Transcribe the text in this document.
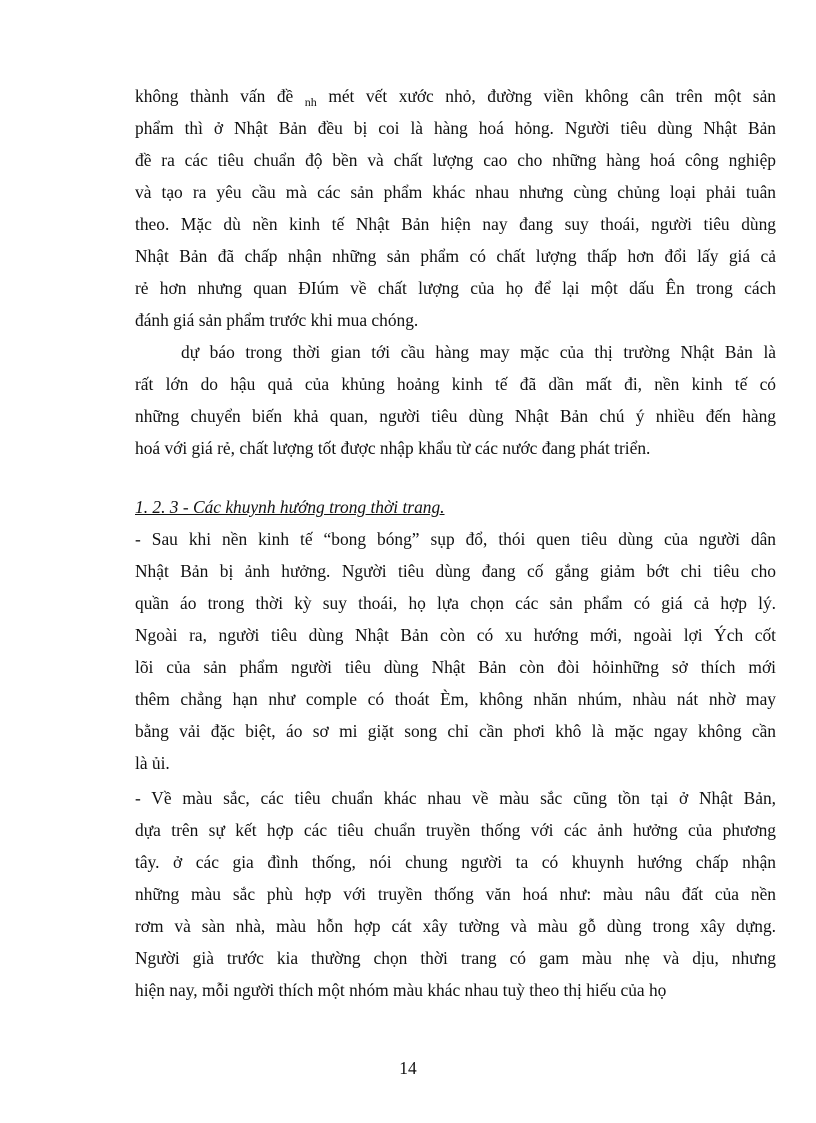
không thành vấn đề $_{nh}$ mét vết xước nhỏ, đường viền không cân trên một sản
phẩm thì ở Nhật Bản đều bị coi là hàng hoá hỏng. Người tiêu dùng Nhật Bản
đề ra các tiêu chuẩn độ bền và chất lượng cao cho những hàng hoá công nghiệp
và tạo ra yêu cầu mà các sản phẩm khác nhau nhưng cùng chủng loại phải tuân
theo. Mặc dù nền kinh tế Nhật Bản hiện nay đang suy thoái, người tiêu dùng
Nhật Bản đã chấp nhận những sản phẩm có chất lượng thấp hơn đổi lấy giá cả
rẻ hơn nhưng quan ĐIúm về chất lượng của họ để lại một dấu Ên trong cách
đánh giá sản phẩm trước khi mua chóng.
dự báo trong thời gian tới cầu hàng may mặc của thị trường Nhật Bản là
rất lớn do hậu quả của khủng hoảng kinh tế đã dần mất đi, nền kinh tế có
những chuyển biến khả quan, người tiêu dùng Nhật Bản chú ý nhiều đến hàng
hoá với giá rẻ, chất lượng tốt được nhập khẩu từ các nước đang phát triển.
1. 2. 3 - Các khuynh hướng trong thời trang.
- Sau khi nền kinh tế “bong bóng” sụp đổ, thói quen tiêu dùng của người dân
Nhật Bản bị ảnh hưởng. Người tiêu dùng đang cố gắng giảm bớt chi tiêu cho
quần áo trong thời kỳ suy thoái, họ lựa chọn các sản phẩm có giá cả hợp lý.
Ngoài ra, người tiêu dùng Nhật Bản còn có xu hướng mới, ngoài lợi Ých cốt
lõi của sản phẩm người tiêu dùng Nhật Bản còn đòi hỏinhững sở thích mới
thêm chẳng hạn như comple có thoát Èm, không nhăn nhúm, nhàu nát nhờ may
bằng vải đặc biệt, áo sơ mi giặt song chỉ cần phơi khô là mặc ngay không cần
là ủi.
- Về màu sắc, các tiêu chuẩn khác nhau về màu sắc cũng tồn tại ở Nhật Bản,
dựa trên sự kết hợp các tiêu chuẩn truyền thống với các ảnh hưởng của phương
tây. ở các gia đình thống, nói chung người ta có khuynh hướng chấp nhận
những màu sắc phù hợp với truyền thống văn hoá như: màu nâu đất của nền
rơm và sàn nhà, màu hỗn hợp cát xây tường và màu gỗ dùng trong xây dựng.
Người già trước kia thường chọn thời trang có gam màu nhẹ và dịu, nhưng
hiện nay, mỗi người thích một nhóm màu khác nhau tuỳ theo thị hiếu của họ
14
